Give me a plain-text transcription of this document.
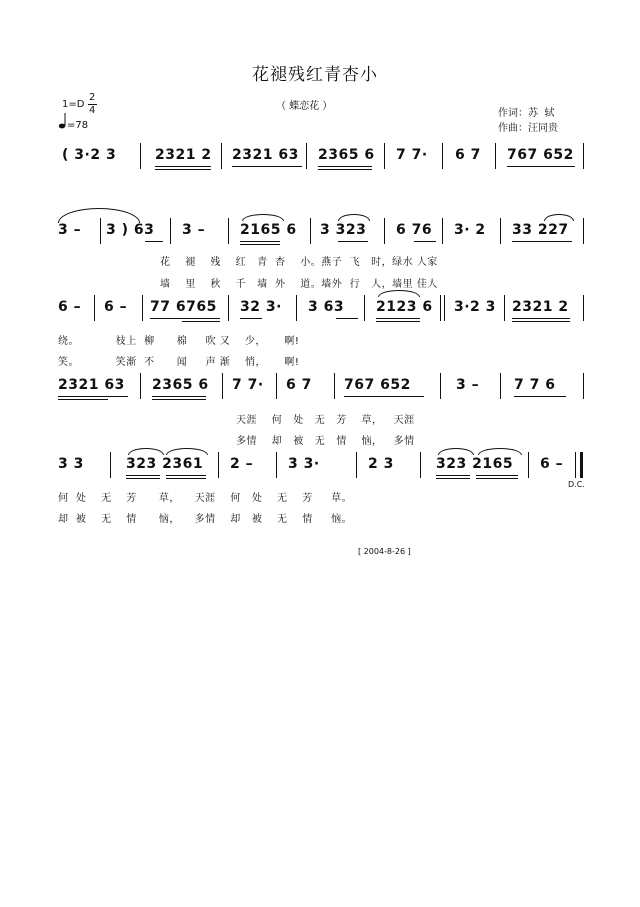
花褪残红青杏小
（ 蝶恋花 ）
1=D
2
4
=78
作词：苏  轼
作曲：汪同贵
( 3·2 3	2321 2 2321 63 2365 6 7 7· 6 7 767 652
3 – 3 ) 63 3 – 2165 6 3 323 6 76 3· 2 33 227
花    褪    残    红   青  杏    小。燕子  飞   时，绿水 人家
墙    里    秋    千   墙  外    道。墙外  行   人，墙里 佳人
6 – 6 – 77 6765 32 3· 3 63 2123 6 3·2 3 2321 2
绕。          枝上  柳      棉     吹 又    少，     啊!
笑。          笑渐  不      闻     声 渐    悄，     啊!
2321 63 2365 6 7 7· 6 7 767 652	3 – 7 7 6
天涯    何   处   无   芳    草，   天涯
多情    却   被   无   情    恼，   多情
3 3	323 2361 2 – 3 3·	2 3	323 2165 6 –
D.C.
何  处    无    芳      草，    天涯    何   处    无    芳     草。
却  被    无    情      恼，    多情    却   被    无    情     恼。
[ 2004-8-26 ]
